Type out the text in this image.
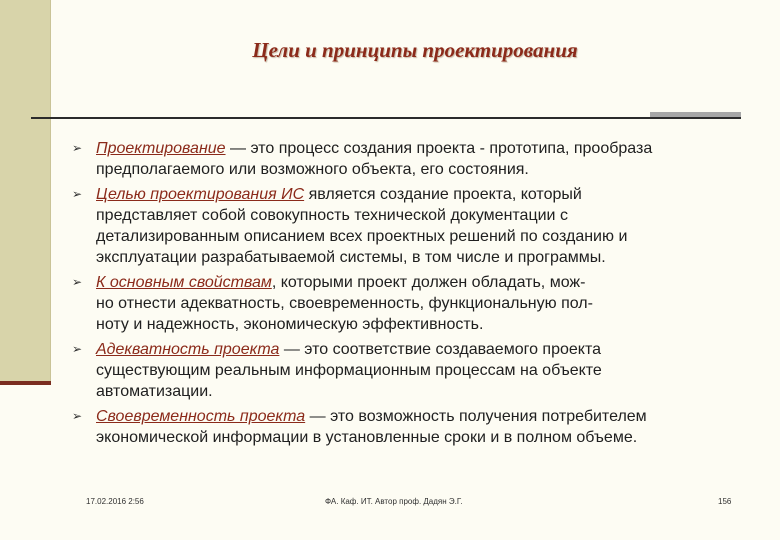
Цели и принципы проектирования
➢ Проектирование — это процесс создания проекта - прототипа, прообраза
предполагаемого или возможного объекта, его состояния.
➢ Целью проектирования ИС является создание проекта, который
представляет собой совокупность технической документации с
детализированным описанием всех проектных решений по созданию и
эксплуатации разрабатываемой системы, в том числе и программы.
➢ К основным свойствам, которыми проект должен обладать, мож-
но отнести адекватность, своевременность, функциональную пол-
ноту и надежность, экономическую эффективность.
➢ Адекватность проекта — это соответствие создаваемого проекта
существующим реальным информационным процессам на объекте
автоматизации.
➢ Своевременность проекта — это возможность получения потребителем
экономической информации в установленные сроки и в полном объеме.
17.02.2016 2:56	ФА. Каф. ИТ. Автор проф. Дадян Э.Г.	156
